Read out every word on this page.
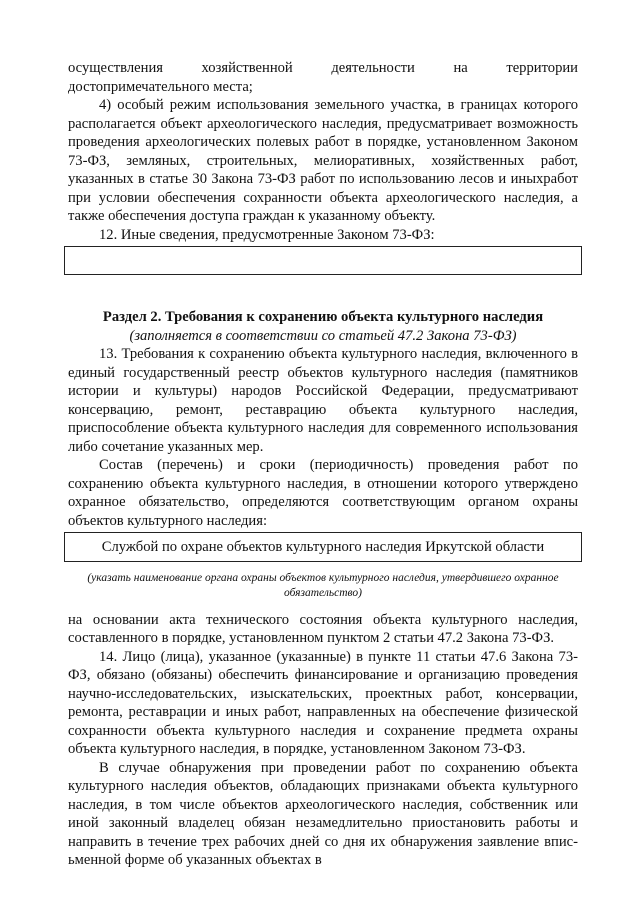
осуществления хозяйственной деятельности на территории достопримечательного места;

4) особый режим использования земельного участка, в границах которого располагается объект археологического наследия, предусматривает возможность проведения археологических полевых работ в порядке, установленном Законом 73-ФЗ, земляных, строительных, мелиоративных, хозяйственных работ, указанных в статье 30 Закона 73-ФЗ работ по использованию лесов и иныхработ при условии обеспечения сохранности объекта археологического наследия, а также обеспечения доступа граждан к указанному объекту.

12. Иные сведения, предусмотренные Законом 73-ФЗ:

Раздел 2. Требования к сохранению объекта культурного наследия

(заполняется в соответствии со статьей 47.2 Закона 73-ФЗ)

13. Требования к сохранению объекта культурного наследия, включенного в единый государственный реестр объектов культурного наследия (памятников истории и культуры) народов Российской Федерации, предусматривают консервацию, ремонт, реставрацию объекта культурного наследия, приспособление объекта культурного наследия для современного использования либо сочетание указанных мер.

Состав (перечень) и сроки (периодичность) проведения работ по сохранению объекта культурного наследия, в отношении которого утверждено охранное обязательство, определяются соответствующим органом охраны объектов культурного наследия:

Службой по охране объектов культурного наследия Иркутской области

(указать наименование органа охраны объектов культурного наследия, утвердившего охранное обязательство)

на основании акта технического состояния объекта культурного наследия, составленного в порядке, установленном пунктом 2 статьи 47.2 Закона 73-ФЗ.

14. Лицо (лица), указанное (указанные) в пункте 11 статьи 47.6 Закона 73-ФЗ, обязано (обязаны) обеспечить финансирование и организацию проведения научно-исследовательских, изыскательских, проектных работ, консервации, ремонта, реставрации и иных работ, направленных на обеспечение физической сохранности объекта культурного наследия и сохранение предмета охраны объекта культурного наследия, в порядке, установленном Законом 73-ФЗ.

В случае обнаружения при проведении работ по сохранению объекта культурного наследия объектов, обладающих признаками объекта культурного наследия, в том числе объектов археологического наследия, собственник или иной законный владелец обязан незамедлительно приостановить работы и направить в течение трех рабочих дней со дня их обнаружения заявление вписьменной форме об указанных объектах в
